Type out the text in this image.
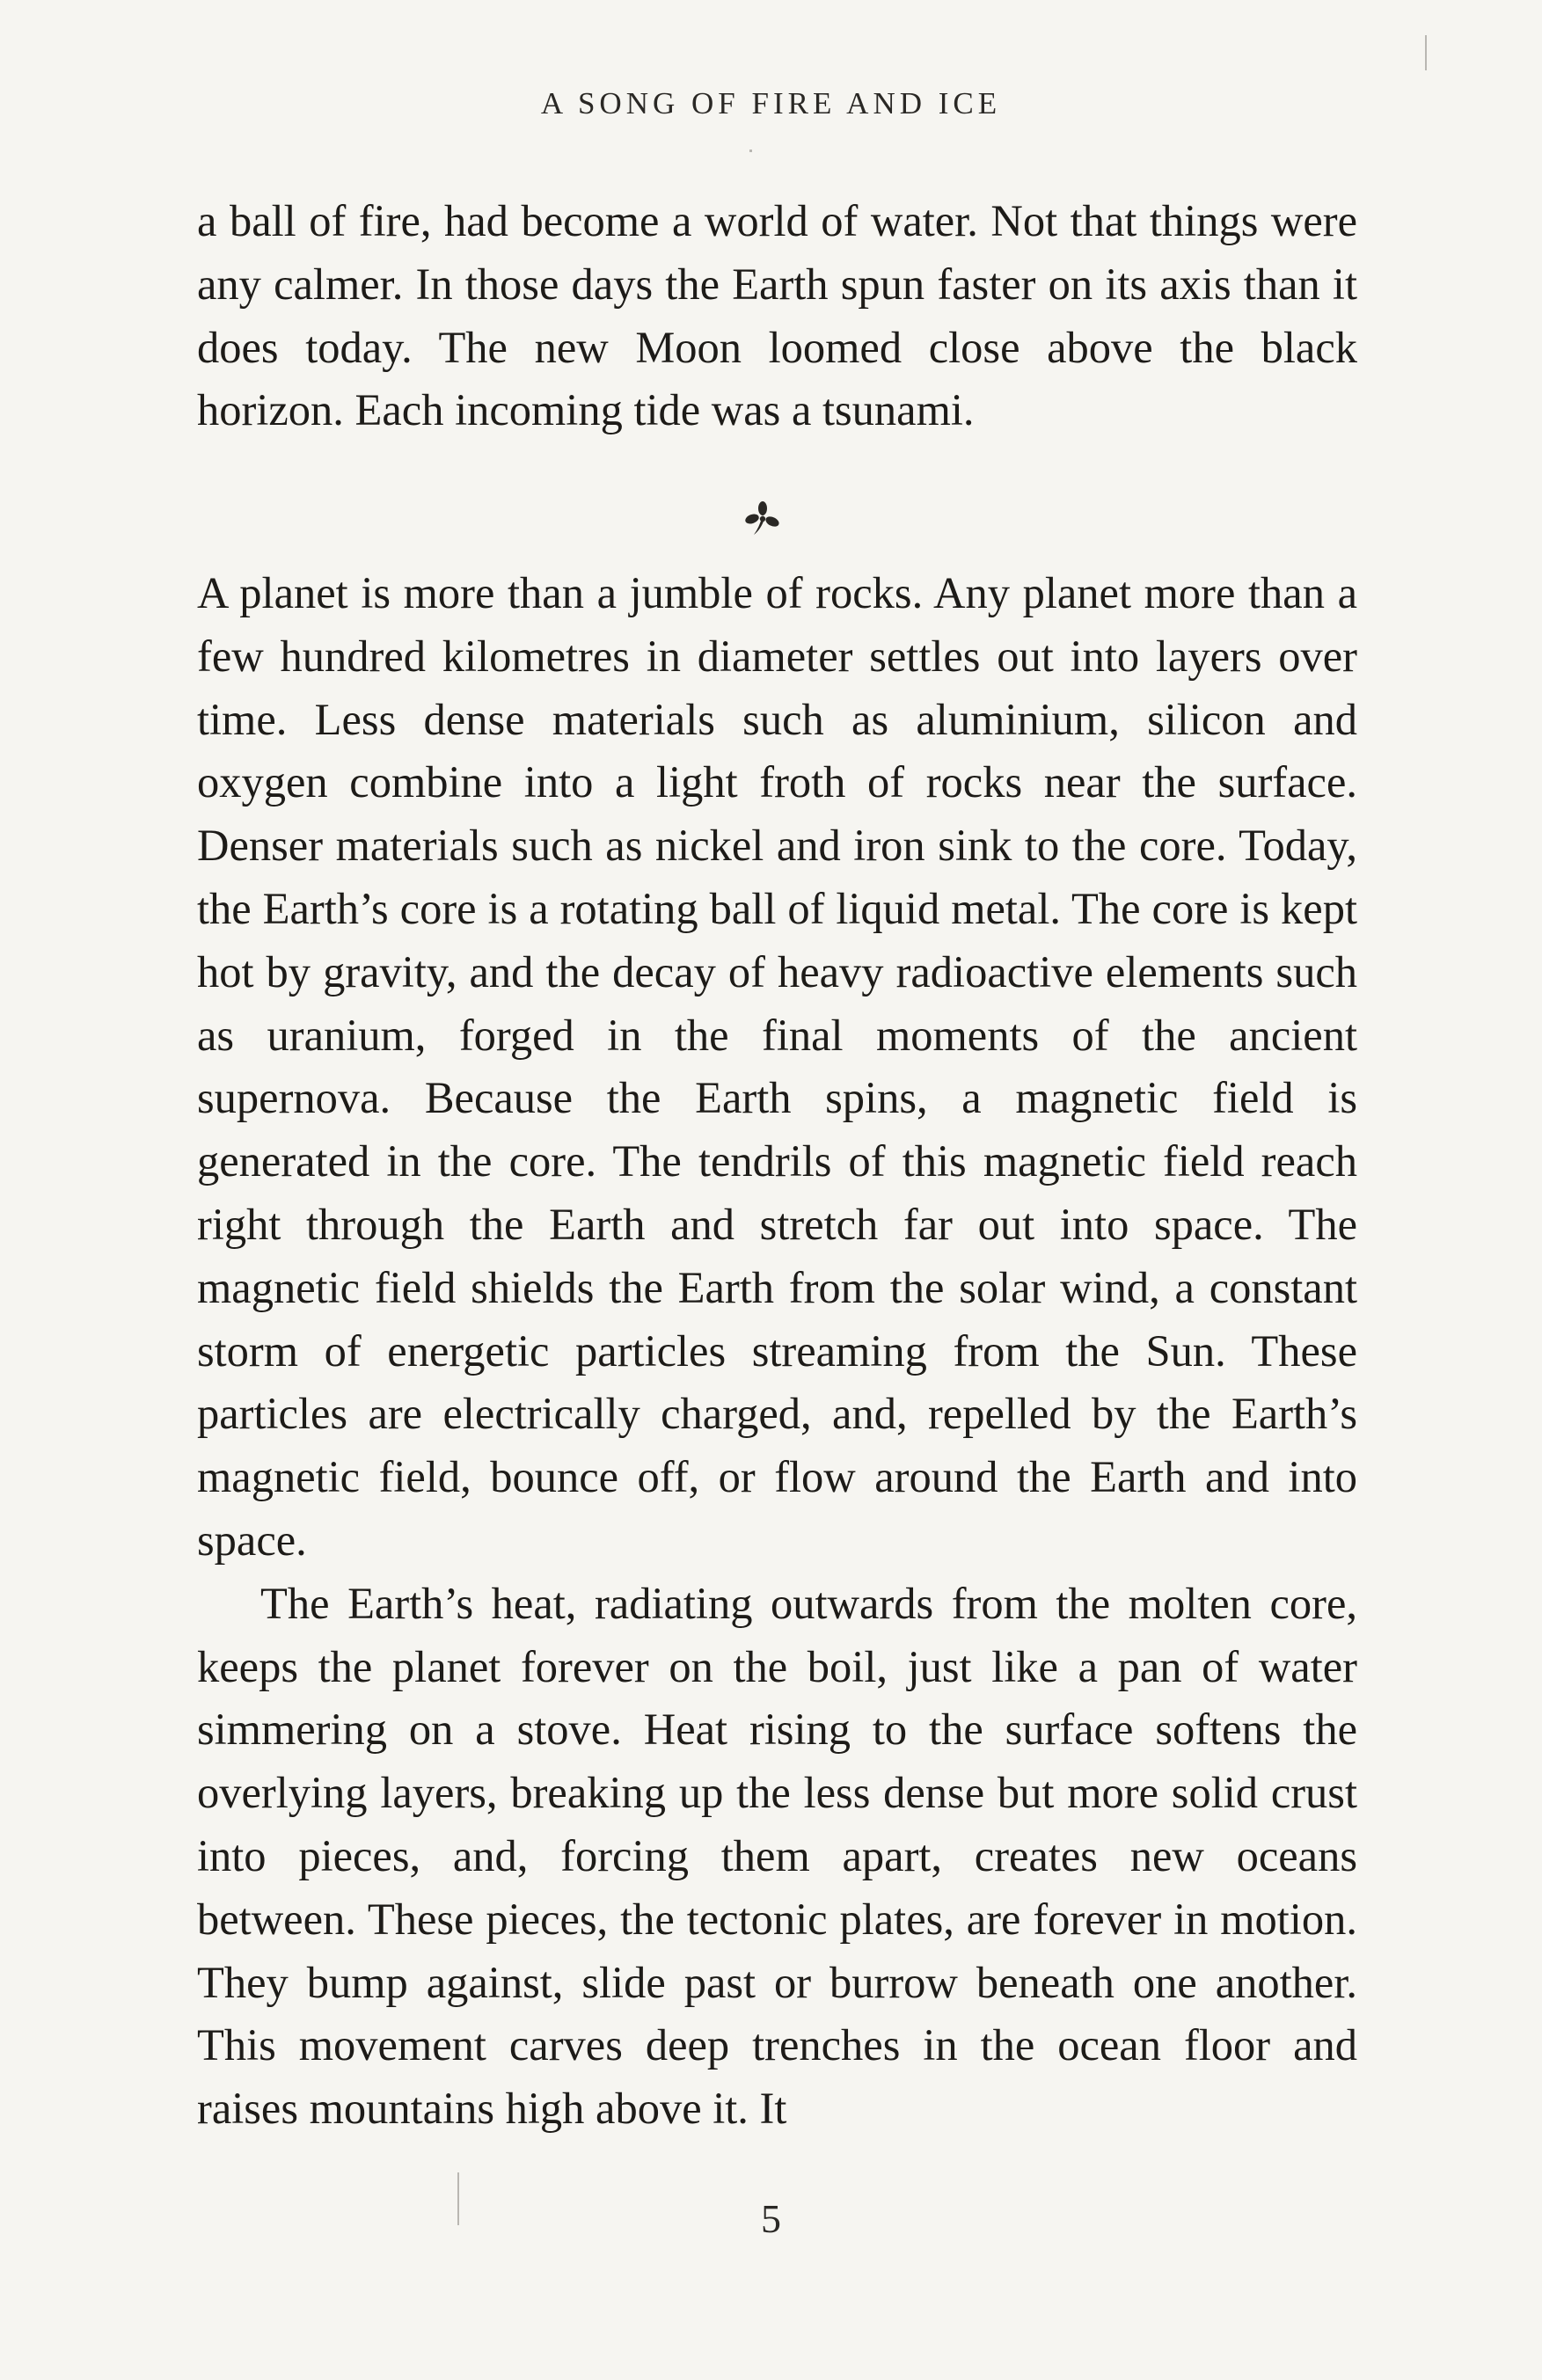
A SONG OF FIRE AND ICE

a ball of fire, had become a world of water. Not that things were any calmer. In those days the Earth spun faster on its axis than it does today. The new Moon loomed close above the black horizon. Each incoming tide was a tsunami.

A planet is more than a jumble of rocks. Any planet more than a few hundred kilometres in diameter settles out into layers over time. Less dense materials such as aluminium, silicon and oxygen combine into a light froth of rocks near the surface. Denser materials such as nickel and iron sink to the core. Today, the Earth’s core is a rotating ball of liquid metal. The core is kept hot by gravity, and the decay of heavy radioactive elements such as uranium, forged in the final moments of the ancient supernova. Because the Earth spins, a magnetic field is generated in the core. The tendrils of this magnetic field reach right through the Earth and stretch far out into space. The magnetic field shields the Earth from the solar wind, a constant storm of energetic particles streaming from the Sun. These particles are electrically charged, and, repelled by the Earth’s magnetic field, bounce off, or flow around the Earth and into space.

The Earth’s heat, radiating outwards from the molten core, keeps the planet forever on the boil, just like a pan of water simmering on a stove. Heat rising to the surface softens the overlying layers, breaking up the less dense but more solid crust into pieces, and, forcing them apart, creates new oceans between. These pieces, the tectonic plates, are forever in motion. They bump against, slide past or burrow beneath one another. This movement carves deep trenches in the ocean floor and raises mountains high above it. It

5
